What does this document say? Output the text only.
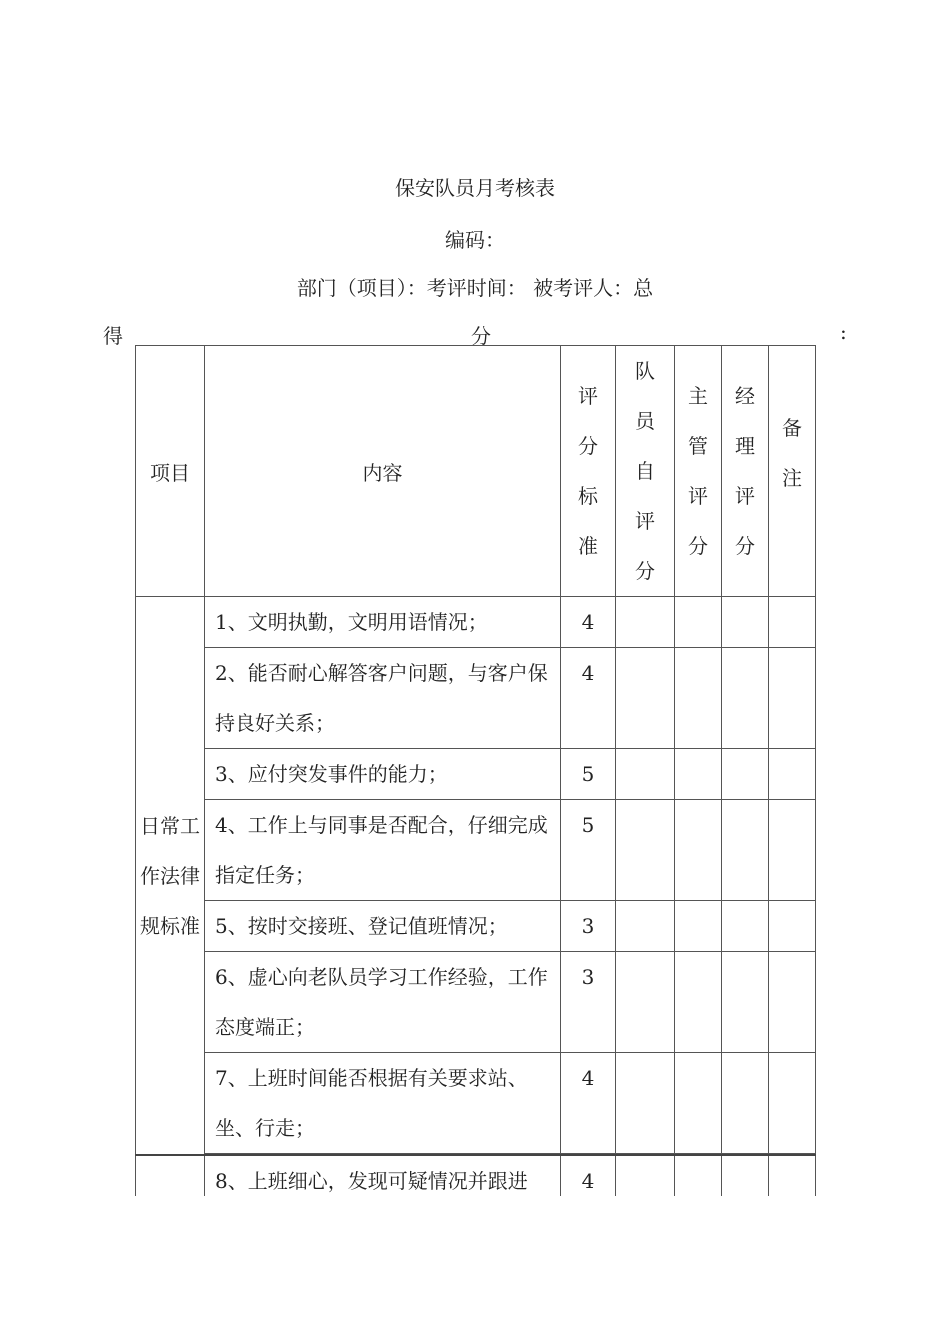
保安队员月考核表
编码：
部门（项目）：考评时间： 被考评人：总
得	分	:
项目	内容	评分标准	队员自评分	主管评分	经理评分	备注
日常工作法律规标准	1、文明执勤，文明用语情况；	4				
	2、能否耐心解答客户问题，与客户保持良好关系；	4				
	3、应付突发事件的能力；	5				
	4、工作上与同事是否配合，仔细完成指定任务；	5				
	5、按时交接班、登记值班情况；	3				
	6、虚心向老队员学习工作经验，工作态度端正；	3				
	7、上班时间能否根据有关要求站、坐、行走；	4				

	8、上班细心，发现可疑情况并跟进	4				
